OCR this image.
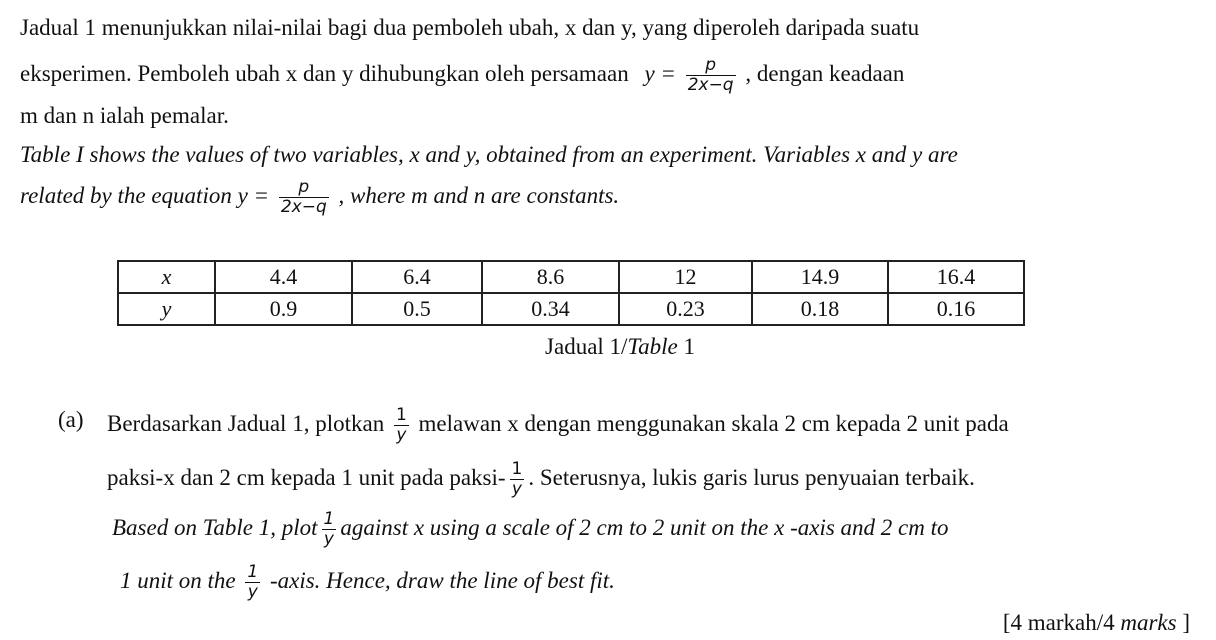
Jadual 1 menunjukkan nilai-nilai bagi dua pemboleh ubah, x dan y, yang diperoleh daripada suatu
eksperimen. Pemboleh ubah x dan y dihubungkan oleh persamaan $y = \frac{p}{2x-q}$ , dengan keadaan
m dan n ialah pemalar.
Table I shows the values of two variables, x and y, obtained from an experiment. Variables x and y are
related by the equation $y = \frac{p}{2x-q}$ , where m and n are constants.
x	4.4	6.4	8.6	12	14.9	16.4
y	0.9	0.5	0.34	0.23	0.18	0.16
Jadual 1/Table 1
(a) Berdasarkan Jadual 1, plotkan $\frac{1}{y}$ melawan x dengan menggunakan skala 2 cm kepada 2 unit pada
paksi-x dan 2 cm kepada 1 unit pada paksi- $\frac{1}{y}$ . Seterusnya, lukis garis lurus penyuaian terbaik.
Based on Table 1, plot $\frac{1}{y}$ against x using a scale of 2 cm to 2 unit on the x -axis and 2 cm to
1 unit on the $\frac{1}{y}$ -axis. Hence, draw the line of best fit.
[4 markah/4 marks ]
